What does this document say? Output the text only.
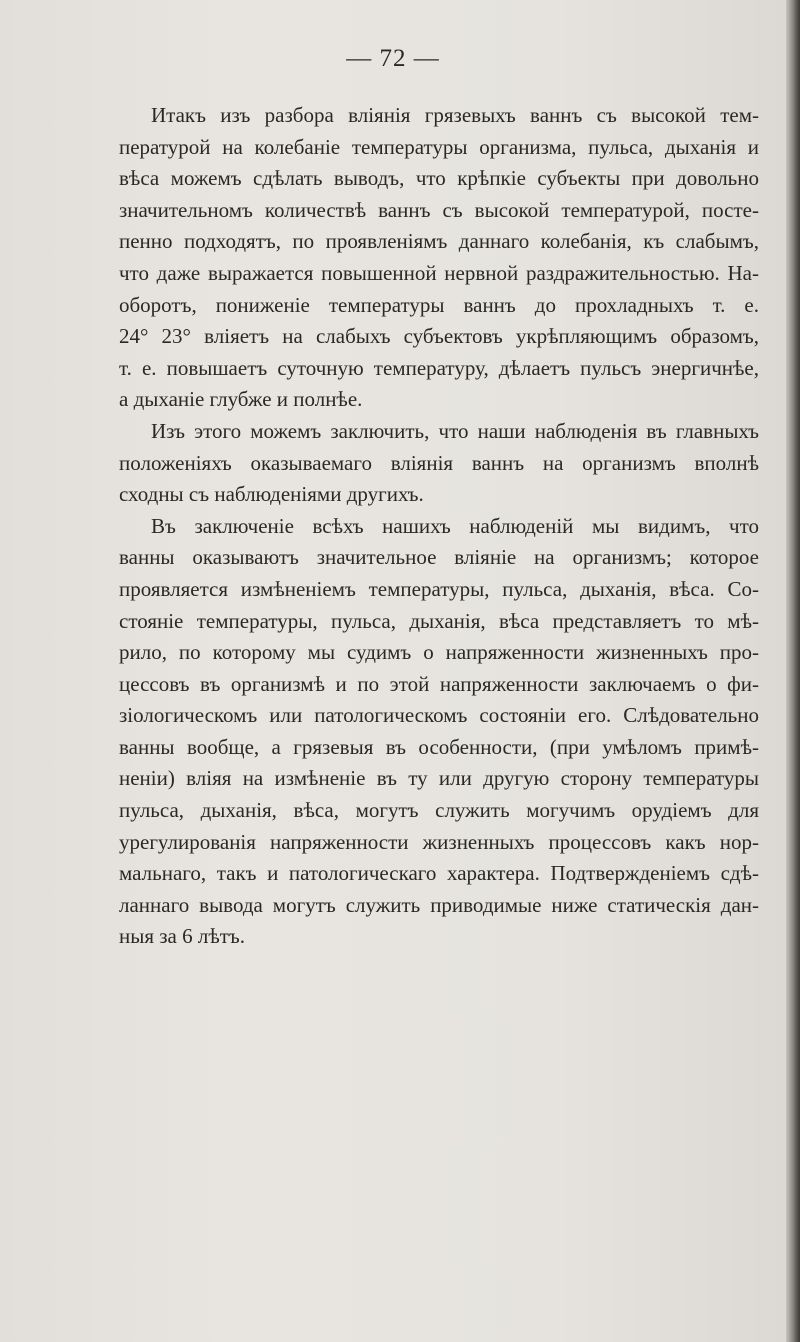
— 72 —
Итакъ изъ разбора вліянія грязевыхъ ваннъ съ высокой тем-
пературой на колебаніе температуры организма, пульса, дыханія и
вѣса можемъ сдѣлать выводъ, что крѣпкіе субъекты при довольно
значительномъ количествѣ ваннъ съ высокой температурой, посте-
пенно подходятъ, по проявленіямъ даннаго колебанія, къ слабымъ,
что даже выражается повышенной нервной раздражительностью. На-
оборотъ, пониженіе температуры ваннъ до прохладныхъ т. е.
24° 23° вліяетъ на слабыхъ субъектовъ укрѣпляющимъ образомъ,
т. е. повышаетъ суточную температуру, дѣлаетъ пульсъ энергичнѣе,
а дыханіе глубже и полнѣе.
Изъ этого можемъ заключить, что наши наблюденія въ главныхъ
положеніяхъ оказываемаго вліянія ваннъ на организмъ вполнѣ
сходны съ наблюденіями другихъ.
Въ заключеніе всѣхъ нашихъ наблюденій мы видимъ, что
ванны оказываютъ значительное вліяніе на организмъ; которое
проявляется измѣненіемъ температуры, пульса, дыханія, вѣса. Со-
стояніе температуры, пульса, дыханія, вѣса представляетъ то мѣ-
рило, по которому мы судимъ о напряженности жизненныхъ про-
цессовъ въ организмѣ и по этой напряженности заключаемъ о фи-
зіологическомъ или патологическомъ состояніи его. Слѣдовательно
ванны вообще, а грязевыя въ особенности, (при умѣломъ примѣ-
неніи) вліяя на измѣненіе въ ту или другую сторону температуры
пульса, дыханія, вѣса, могутъ служить могучимъ орудіемъ для
урегулированія напряженности жизненныхъ процессовъ какъ нор-
мальнаго, такъ и патологическаго характера. Подтвержденіемъ сдѣ-
ланнаго вывода могутъ служить приводимые ниже статическія дан-
ныя за 6 лѣтъ.
